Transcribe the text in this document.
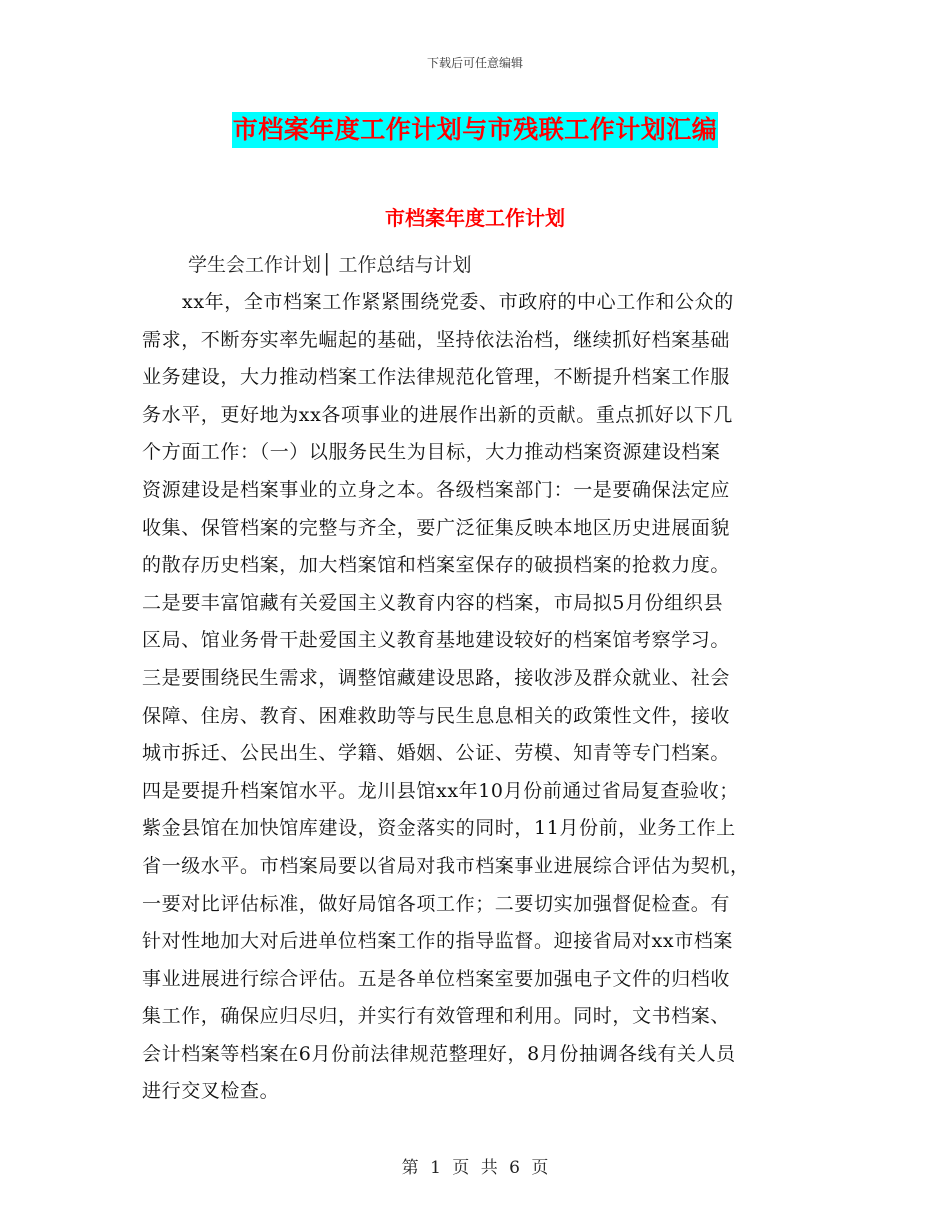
下载后可任意编辑
市档案年度工作计划与市残联工作计划汇编
市档案年度工作计划
学生会工作计划│ 工作总结与计划
xx年，全市档案工作紧紧围绕党委、市政府的中心工作和公众的
需求，不断夯实率先崛起的基础，坚持依法治档，继续抓好档案基础
业务建设，大力推动档案工作法律规范化管理，不断提升档案工作服
务水平，更好地为xx各项事业的进展作出新的贡献。重点抓好以下几
个方面工作：（一）以服务民生为目标，大力推动档案资源建设档案
资源建设是档案事业的立身之本。各级档案部门：一是要确保法定应
收集、保管档案的完整与齐全，要广泛征集反映本地区历史进展面貌
的散存历史档案，加大档案馆和档案室保存的破损档案的抢救力度。
二是要丰富馆藏有关爱国主义教育内容的档案，市局拟5月份组织县
区局、馆业务骨干赴爱国主义教育基地建设较好的档案馆考察学习。
三是要围绕民生需求，调整馆藏建设思路，接收涉及群众就业、社会
保障、住房、教育、困难救助等与民生息息相关的政策性文件，接收
城市拆迁、公民出生、学籍、婚姻、公证、劳模、知青等专门档案。
四是要提升档案馆水平。龙川县馆xx年10月份前通过省局复查验收；
紫金县馆在加快馆库建设，资金落实的同时，11月份前，业务工作上
省一级水平。市档案局要以省局对我市档案事业进展综合评估为契机，
一要对比评估标准，做好局馆各项工作；二要切实加强督促检查。有
针对性地加大对后进单位档案工作的指导监督。迎接省局对xx市档案
事业进展进行综合评估。五是各单位档案室要加强电子文件的归档收
集工作，确保应归尽归，并实行有效管理和利用。同时，文书档案、
会计档案等档案在6月份前法律规范整理好，8月份抽调各线有关人员
进行交叉检查。
第 1 页 共 6 页
